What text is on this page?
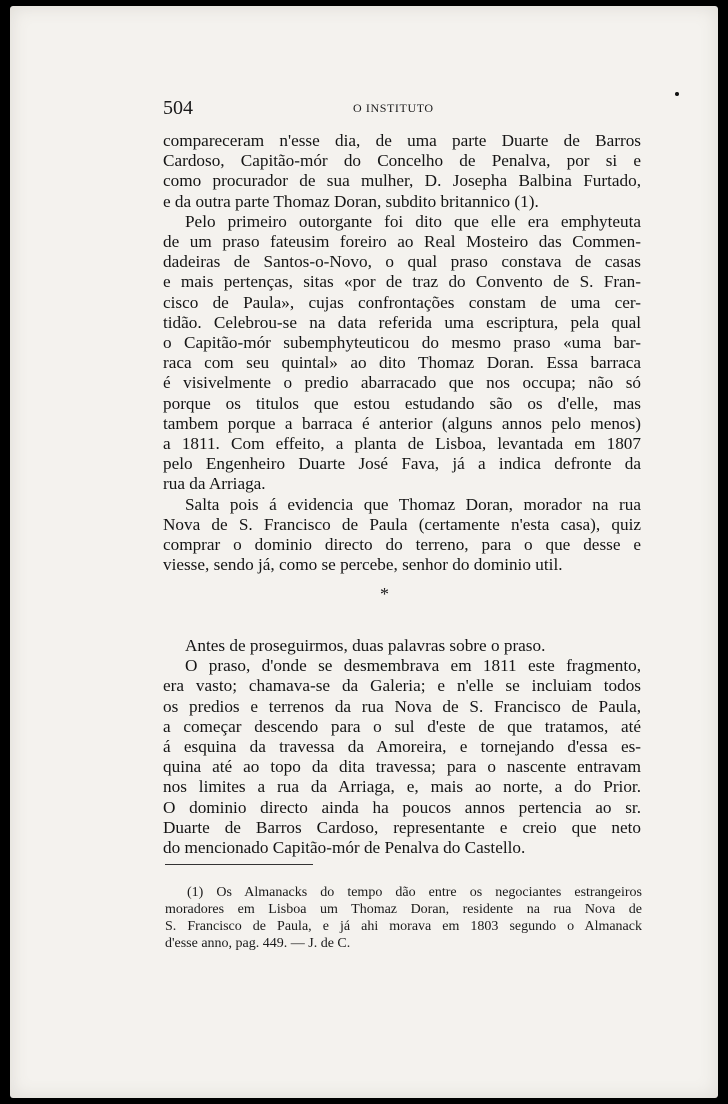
504	O INSTITUTO
compareceram n'esse dia, de uma parte Duarte de Barros
Cardoso, Capitão-mór do Concelho de Penalva, por si e
como procurador de sua mulher, D. Josepha Balbina Furtado,
e da outra parte Thomaz Doran, subdito britannico (1).
Pelo primeiro outorgante foi dito que elle era emphyteuta
de um praso fateusim foreiro ao Real Mosteiro das Commen-
dadeiras de Santos-o-Novo, o qual praso constava de casas
e mais pertenças, sitas «por de traz do Convento de S. Fran-
cisco de Paula», cujas confrontações constam de uma cer-
tidão. Celebrou-se na data referida uma escriptura, pela qual
o Capitão-mór subemphyteuticou do mesmo praso «uma bar-
raca com seu quintal» ao dito Thomaz Doran. Essa barraca
é visivelmente o predio abarracado que nos occupa; não só
porque os titulos que estou estudando são os d'elle, mas
tambem porque a barraca é anterior (alguns annos pelo menos)
a 1811. Com effeito, a planta de Lisboa, levantada em 1807
pelo Engenheiro Duarte José Fava, já a indica defronte da
rua da Arriaga.
Salta pois á evidencia que Thomaz Doran, morador na rua
Nova de S. Francisco de Paula (certamente n'esta casa), quiz
comprar o dominio directo do terreno, para o que desse e
viesse, sendo já, como se percebe, senhor do dominio util.
*
Antes de proseguirmos, duas palavras sobre o praso.
O praso, d'onde se desmembrava em 1811 este fragmento,
era vasto; chamava-se da Galeria; e n'elle se incluiam todos
os predios e terrenos da rua Nova de S. Francisco de Paula,
a começar descendo para o sul d'este de que tratamos, até
á esquina da travessa da Amoreira, e tornejando d'essa es-
quina até ao topo da dita travessa; para o nascente entravam
nos limites a rua da Arriaga, e, mais ao norte, a do Prior.
O dominio directo ainda ha poucos annos pertencia ao sr.
Duarte de Barros Cardoso, representante e creio que neto
do mencionado Capitão-mór de Penalva do Castello.
(1) Os Almanacks do tempo dão entre os negociantes estrangeiros
moradores em Lisboa um Thomaz Doran, residente na rua Nova de
S. Francisco de Paula, e já ahi morava em 1803 segundo o Almanack
d'esse anno, pag. 449. — J. de C.
